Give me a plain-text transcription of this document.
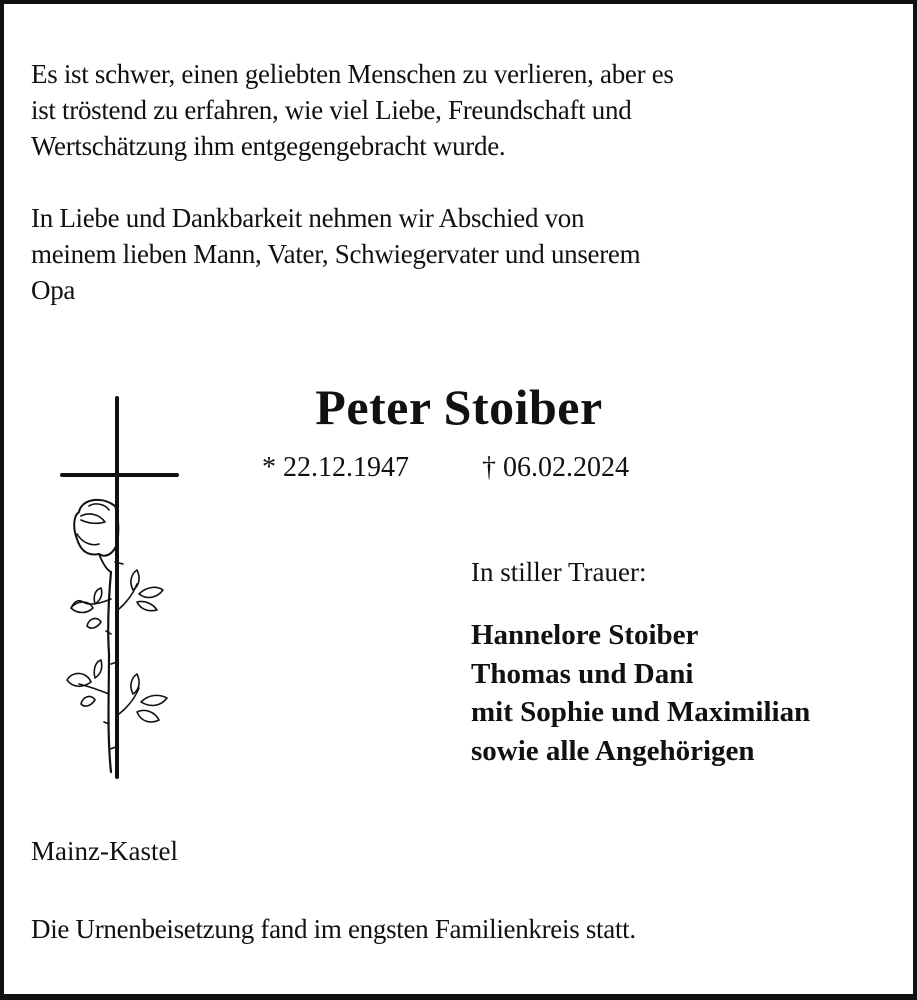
Es ist schwer, einen geliebten Menschen zu verlieren, aber es
ist tröstend zu erfahren, wie viel Liebe, Freundschaft und
Wertschätzung ihm entgegengebracht wurde.
In Liebe und Dankbarkeit nehmen wir Abschied von
meinem lieben Mann, Vater, Schwiegervater und unserem
Opa
Peter Stoiber
* 22.12.1947	† 06.02.2024
In stiller Trauer:
Hannelore Stoiber
Thomas und Dani
mit Sophie und Maximilian
sowie alle Angehörigen
Mainz-Kastel
Die Urnenbeisetzung fand im engsten Familienkreis statt.
